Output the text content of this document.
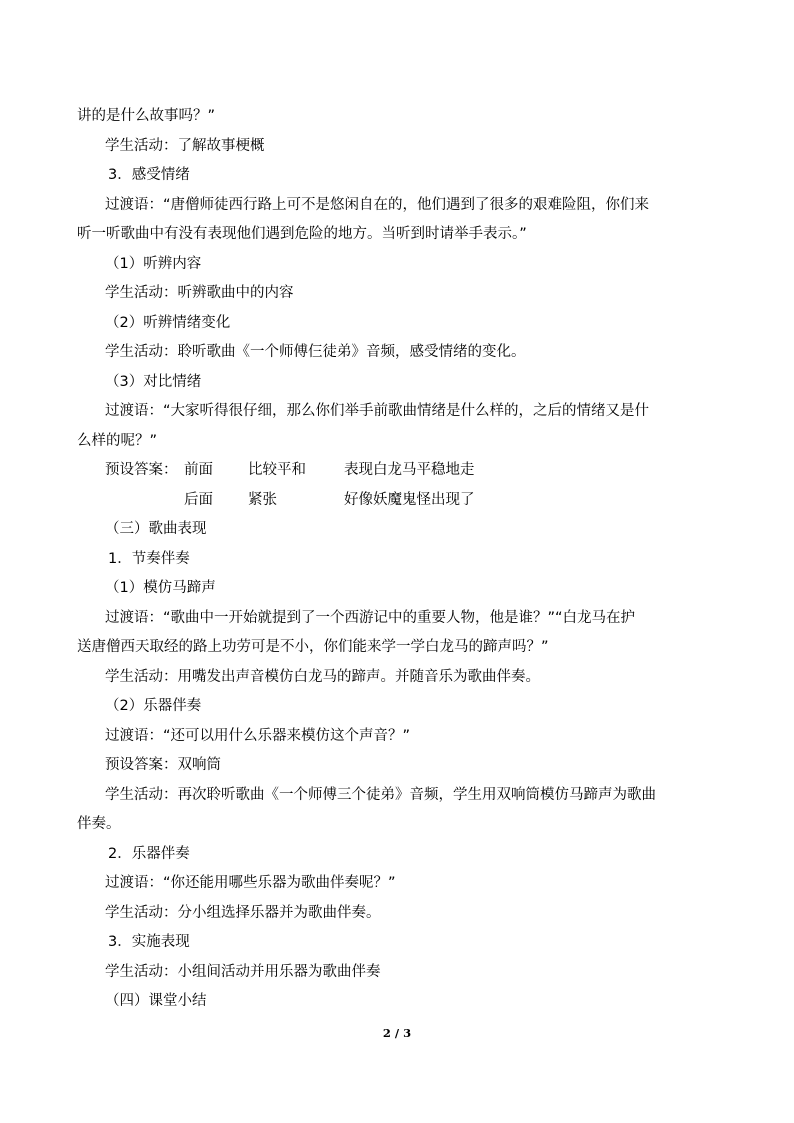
讲的是什么故事吗？”
学生活动：了解故事梗概
3．感受情绪
过渡语：“唐僧师徒西行路上可不是悠闲自在的，他们遇到了很多的艰难险阻，你们来
听一听歌曲中有没有表现他们遇到危险的地方。当听到时请举手表示。”
（1）听辨内容
学生活动：听辨歌曲中的内容
（2）听辨情绪变化
学生活动：聆听歌曲《一个师傅仨徒弟》音频，感受情绪的变化。
（3）对比情绪
过渡语：“大家听得很仔细，那么你们举手前歌曲情绪是什么样的，之后的情绪又是什
么样的呢？”
预设答案： 前面 比较平和	表现白龙马平稳地走
后面 紧张	好像妖魔鬼怪出现了
（三）歌曲表现
1．节奏伴奏
（1）模仿马蹄声
过渡语：“歌曲中一开始就提到了一个西游记中的重要人物，他是谁？”“白龙马在护
送唐僧西天取经的路上功劳可是不小，你们能来学一学白龙马的蹄声吗？”
学生活动：用嘴发出声音模仿白龙马的蹄声。并随音乐为歌曲伴奏。
（2）乐器伴奏
过渡语：“还可以用什么乐器来模仿这个声音？”
预设答案：双响筒
学生活动：再次聆听歌曲《一个师傅三个徒弟》音频，学生用双响筒模仿马蹄声为歌曲
伴奏。
2．乐器伴奏
过渡语：“你还能用哪些乐器为歌曲伴奏呢？”
学生活动：分小组选择乐器并为歌曲伴奏。
3．实施表现
学生活动：小组间活动并用乐器为歌曲伴奏
（四）课堂小结
2 / 3
